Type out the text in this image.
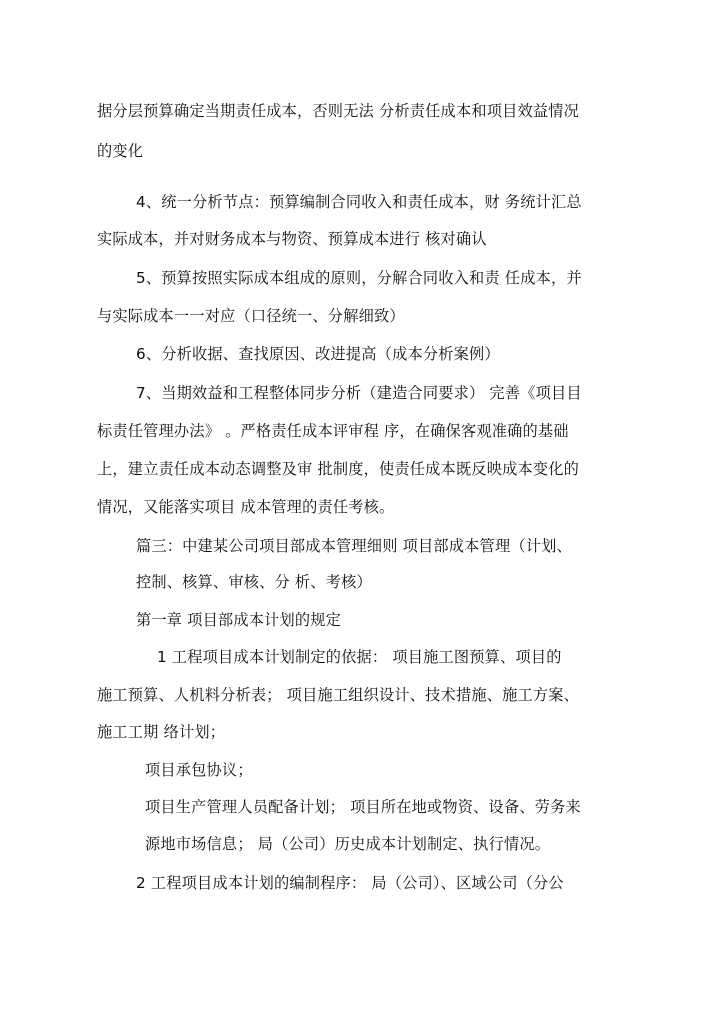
据分层预算确定当期责任成本，否则无法 分析责任成本和项目效益情况
的变化
4、统一分析节点：预算编制合同收入和责任成本，财 务统计汇总
实际成本，并对财务成本与物资、预算成本进行 核对确认
5、预算按照实际成本组成的原则，分解合同收入和责 任成本，并
与实际成本一一对应（口径统一、分解细致）
6、分析收据、查找原因、改进提高（成本分析案例）
7、当期效益和工程整体同步分析（建造合同要求） 完善《项目目
标责任管理办法》 。严格责任成本评审程 序，在确保客观准确的基础
上，建立责任成本动态调整及审 批制度，使责任成本既反映成本变化的
情况，又能落实项目 成本管理的责任考核。
篇三：中建某公司项目部成本管理细则 项目部成本管理（计划、
控制、核算、审核、分 析、考核）
第一章 项目部成本计划的规定
1 工程项目成本计划制定的依据： 项目施工图预算、项目的
施工预算、人机料分析表； 项目施工组织设计、技术措施、施工方案、
施工工期 络计划；
项目承包协议；
项目生产管理人员配备计划； 项目所在地或物资、设备、劳务来
源地市场信息； 局（公司）历史成本计划制定、执行情况。
2 工程项目成本计划的编制程序： 局（公司）、区域公司（分公
